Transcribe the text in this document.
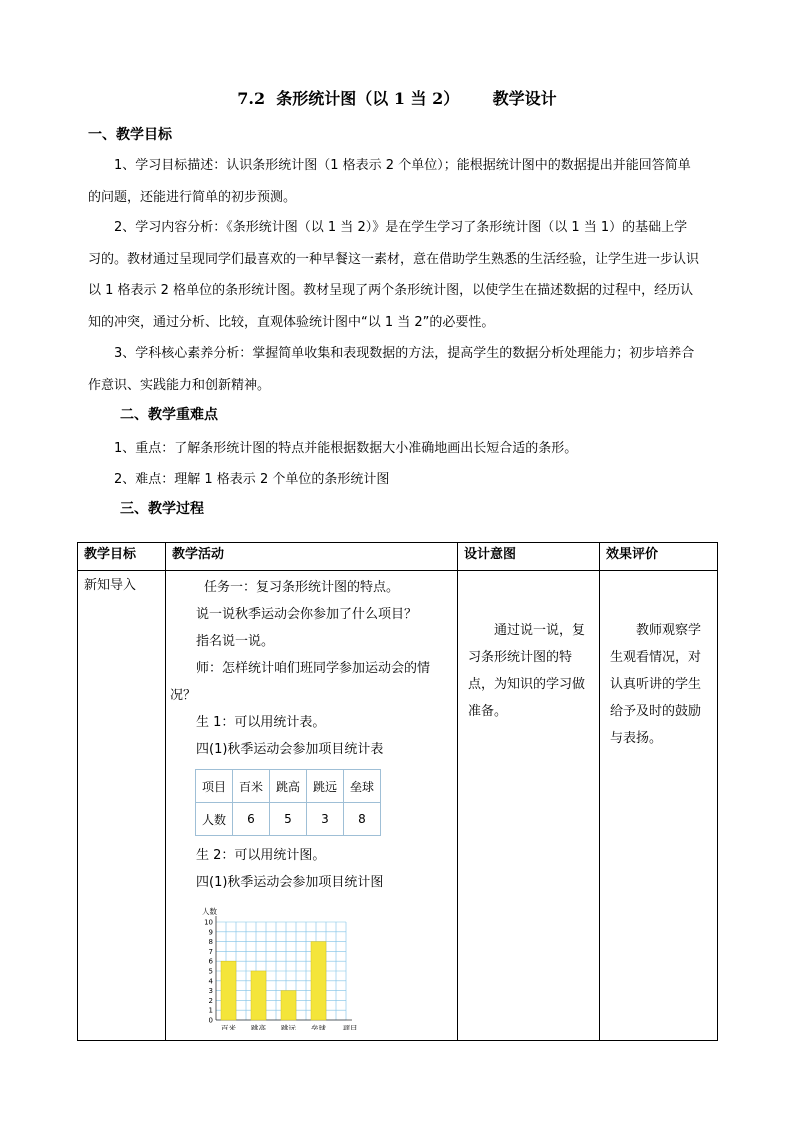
7.2  条形统计图（以 1 当 2）      教学设计
一、教学目标

1、学习目标描述：认识条形统计图（1 格表示 2 个单位）；能根据统计图中的数据提出并能回答简单的问题，还能进行简单的初步预测。

2、学习内容分析：《条形统计图（以 1 当 2）》是在学生学习了条形统计图（以 1 当 1）的基础上学习的。教材通过呈现同学们最喜欢的一种早餐这一素材，意在借助学生熟悉的生活经验，让学生进一步认识以 1 格表示 2 格单位的条形统计图。教材呈现了两个条形统计图，以使学生在描述数据的过程中，经历认知的冲突，通过分析、比较，直观体验统计图中“以 1 当 2”的必要性。

3、学科核心素养分析：掌握简单收集和表现数据的方法，提高学生的数据分析处理能力；初步培养合作意识、实践能力和创新精神。

二、教学重难点
1、重点：了解条形统计图的特点并能根据数据大小准确地画出长短合适的条形。
2、难点：理解 1 格表示 2 个单位的条形统计图
三、教学过程
教学目标	教学活动	设计意图	效果评价
新知导入	任务一：复习条形统计图的特点。

说一说秋季运动会你参加了什么项目？

指名说一说。

师：怎样统计咱们班同学参加运动会的情况？

生 1：可以用统计表。

四(1)秋季运动会参加项目统计表

项目	百米	跳高	跳远	垒球
人数	6	5	3	8

生 2：可以用统计图。

四(1)秋季运动会参加项目统计图

0
1
2
3
4
5
6
7
8
9
10
百米 跳高 跳远 垒球
人数
项目
	通过说一说，复习条形统计图的特点，为知识的学习做准备。	教师观察学生观看情况，对认真听讲的学生给予及时的鼓励与表扬。
